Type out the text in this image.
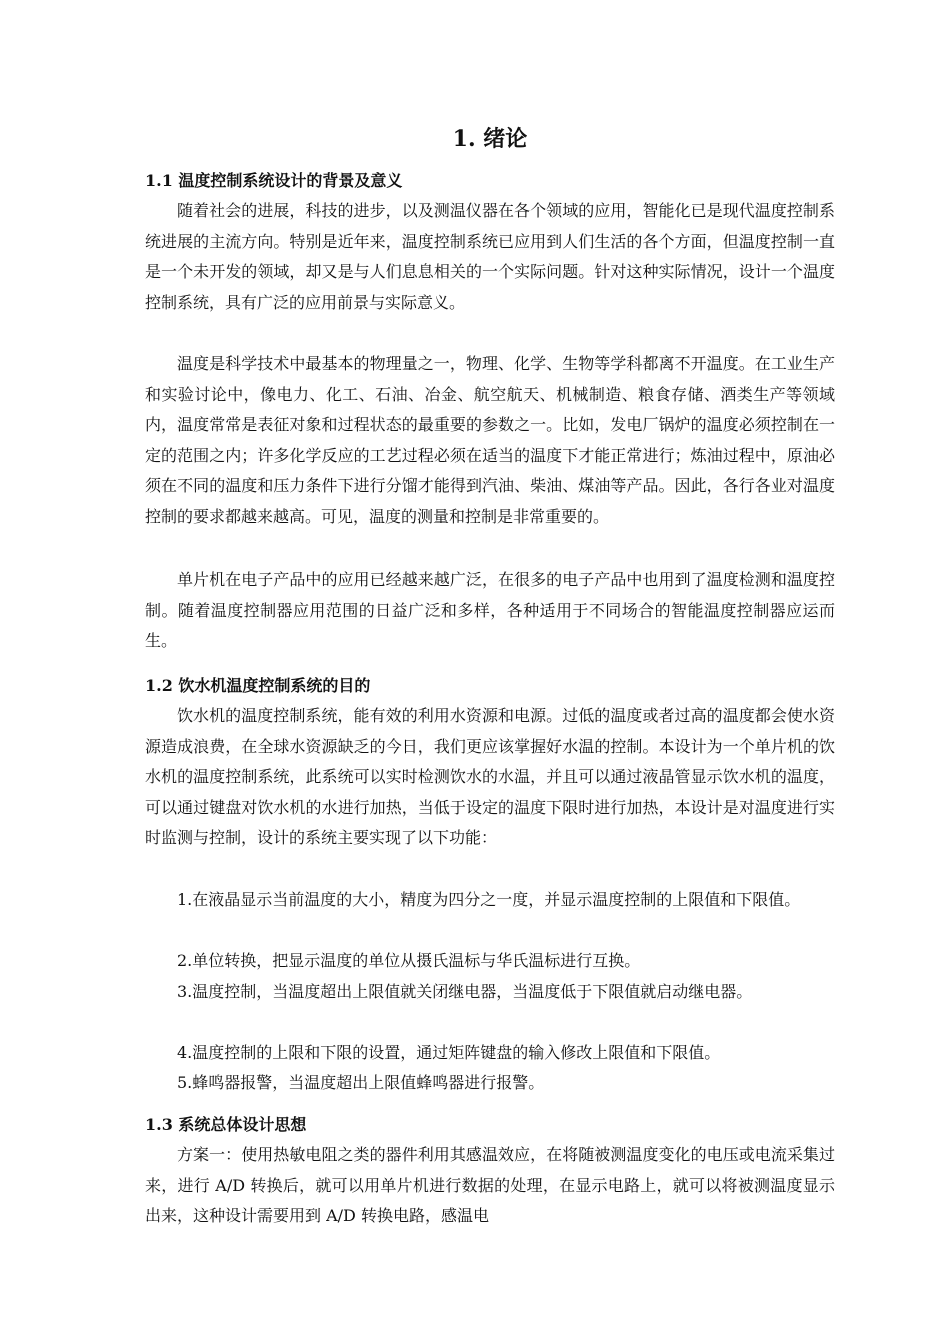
1. 绪论
1.1 温度控制系统设计的背景及意义

随着社会的进展，科技的进步，以及测温仪器在各个领域的应用，智能化已是现代温度控制系统进展的主流方向。特别是近年来，温度控制系统已应用到人们生活的各个方面，但温度控制一直是一个未开发的领域，却又是与人们息息相关的一个实际问题。针对这种实际情况，设计一个温度控制系统，具有广泛的应用前景与实际意义。

温度是科学技术中最基本的物理量之一，物理、化学、生物等学科都离不开温度。在工业生产和实验讨论中，像电力、化工、石油、冶金、航空航天、机械制造、粮食存储、酒类生产等领域内，温度常常是表征对象和过程状态的最重要的参数之一。比如，发电厂锅炉的温度必须控制在一定的范围之内；许多化学反应的工艺过程必须在适当的温度下才能正常进行；炼油过程中，原油必须在不同的温度和压力条件下进行分馏才能得到汽油、柴油、煤油等产品。因此，各行各业对温度控制的要求都越来越高。可见，温度的测量和控制是非常重要的。

单片机在电子产品中的应用已经越来越广泛，在很多的电子产品中也用到了温度检测和温度控制。随着温度控制器应用范围的日益广泛和多样，各种适用于不同场合的智能温度控制器应运而生。

1.2 饮水机温度控制系统的目的

饮水机的温度控制系统，能有效的利用水资源和电源。过低的温度或者过高的温度都会使水资源造成浪费，在全球水资源缺乏的今日，我们更应该掌握好水温的控制。本设计为一个单片机的饮水机的温度控制系统，此系统可以实时检测饮水的水温，并且可以通过液晶管显示饮水机的温度，可以通过键盘对饮水机的水进行加热，当低于设定的温度下限时进行加热，本设计是对温度进行实时监测与控制，设计的系统主要实现了以下功能：

1.在液晶显示当前温度的大小，精度为四分之一度，并显示温度控制的上限值和下限值。

2.单位转换，把显示温度的单位从摄氏温标与华氏温标进行互换。

3.温度控制，当温度超出上限值就关闭继电器，当温度低于下限值就启动继电器。

4.温度控制的上限和下限的设置，通过矩阵键盘的输入修改上限值和下限值。

5.蜂鸣器报警，当温度超出上限值蜂鸣器进行报警。

1.3 系统总体设计思想

方案一：使用热敏电阻之类的器件利用其感温效应，在将随被测温度变化的电压或电流采集过来，进行 A/D 转换后，就可以用单片机进行数据的处理，在显示电路上，就可以将被测温度显示出来，这种设计需要用到 A/D 转换电路，感温电
